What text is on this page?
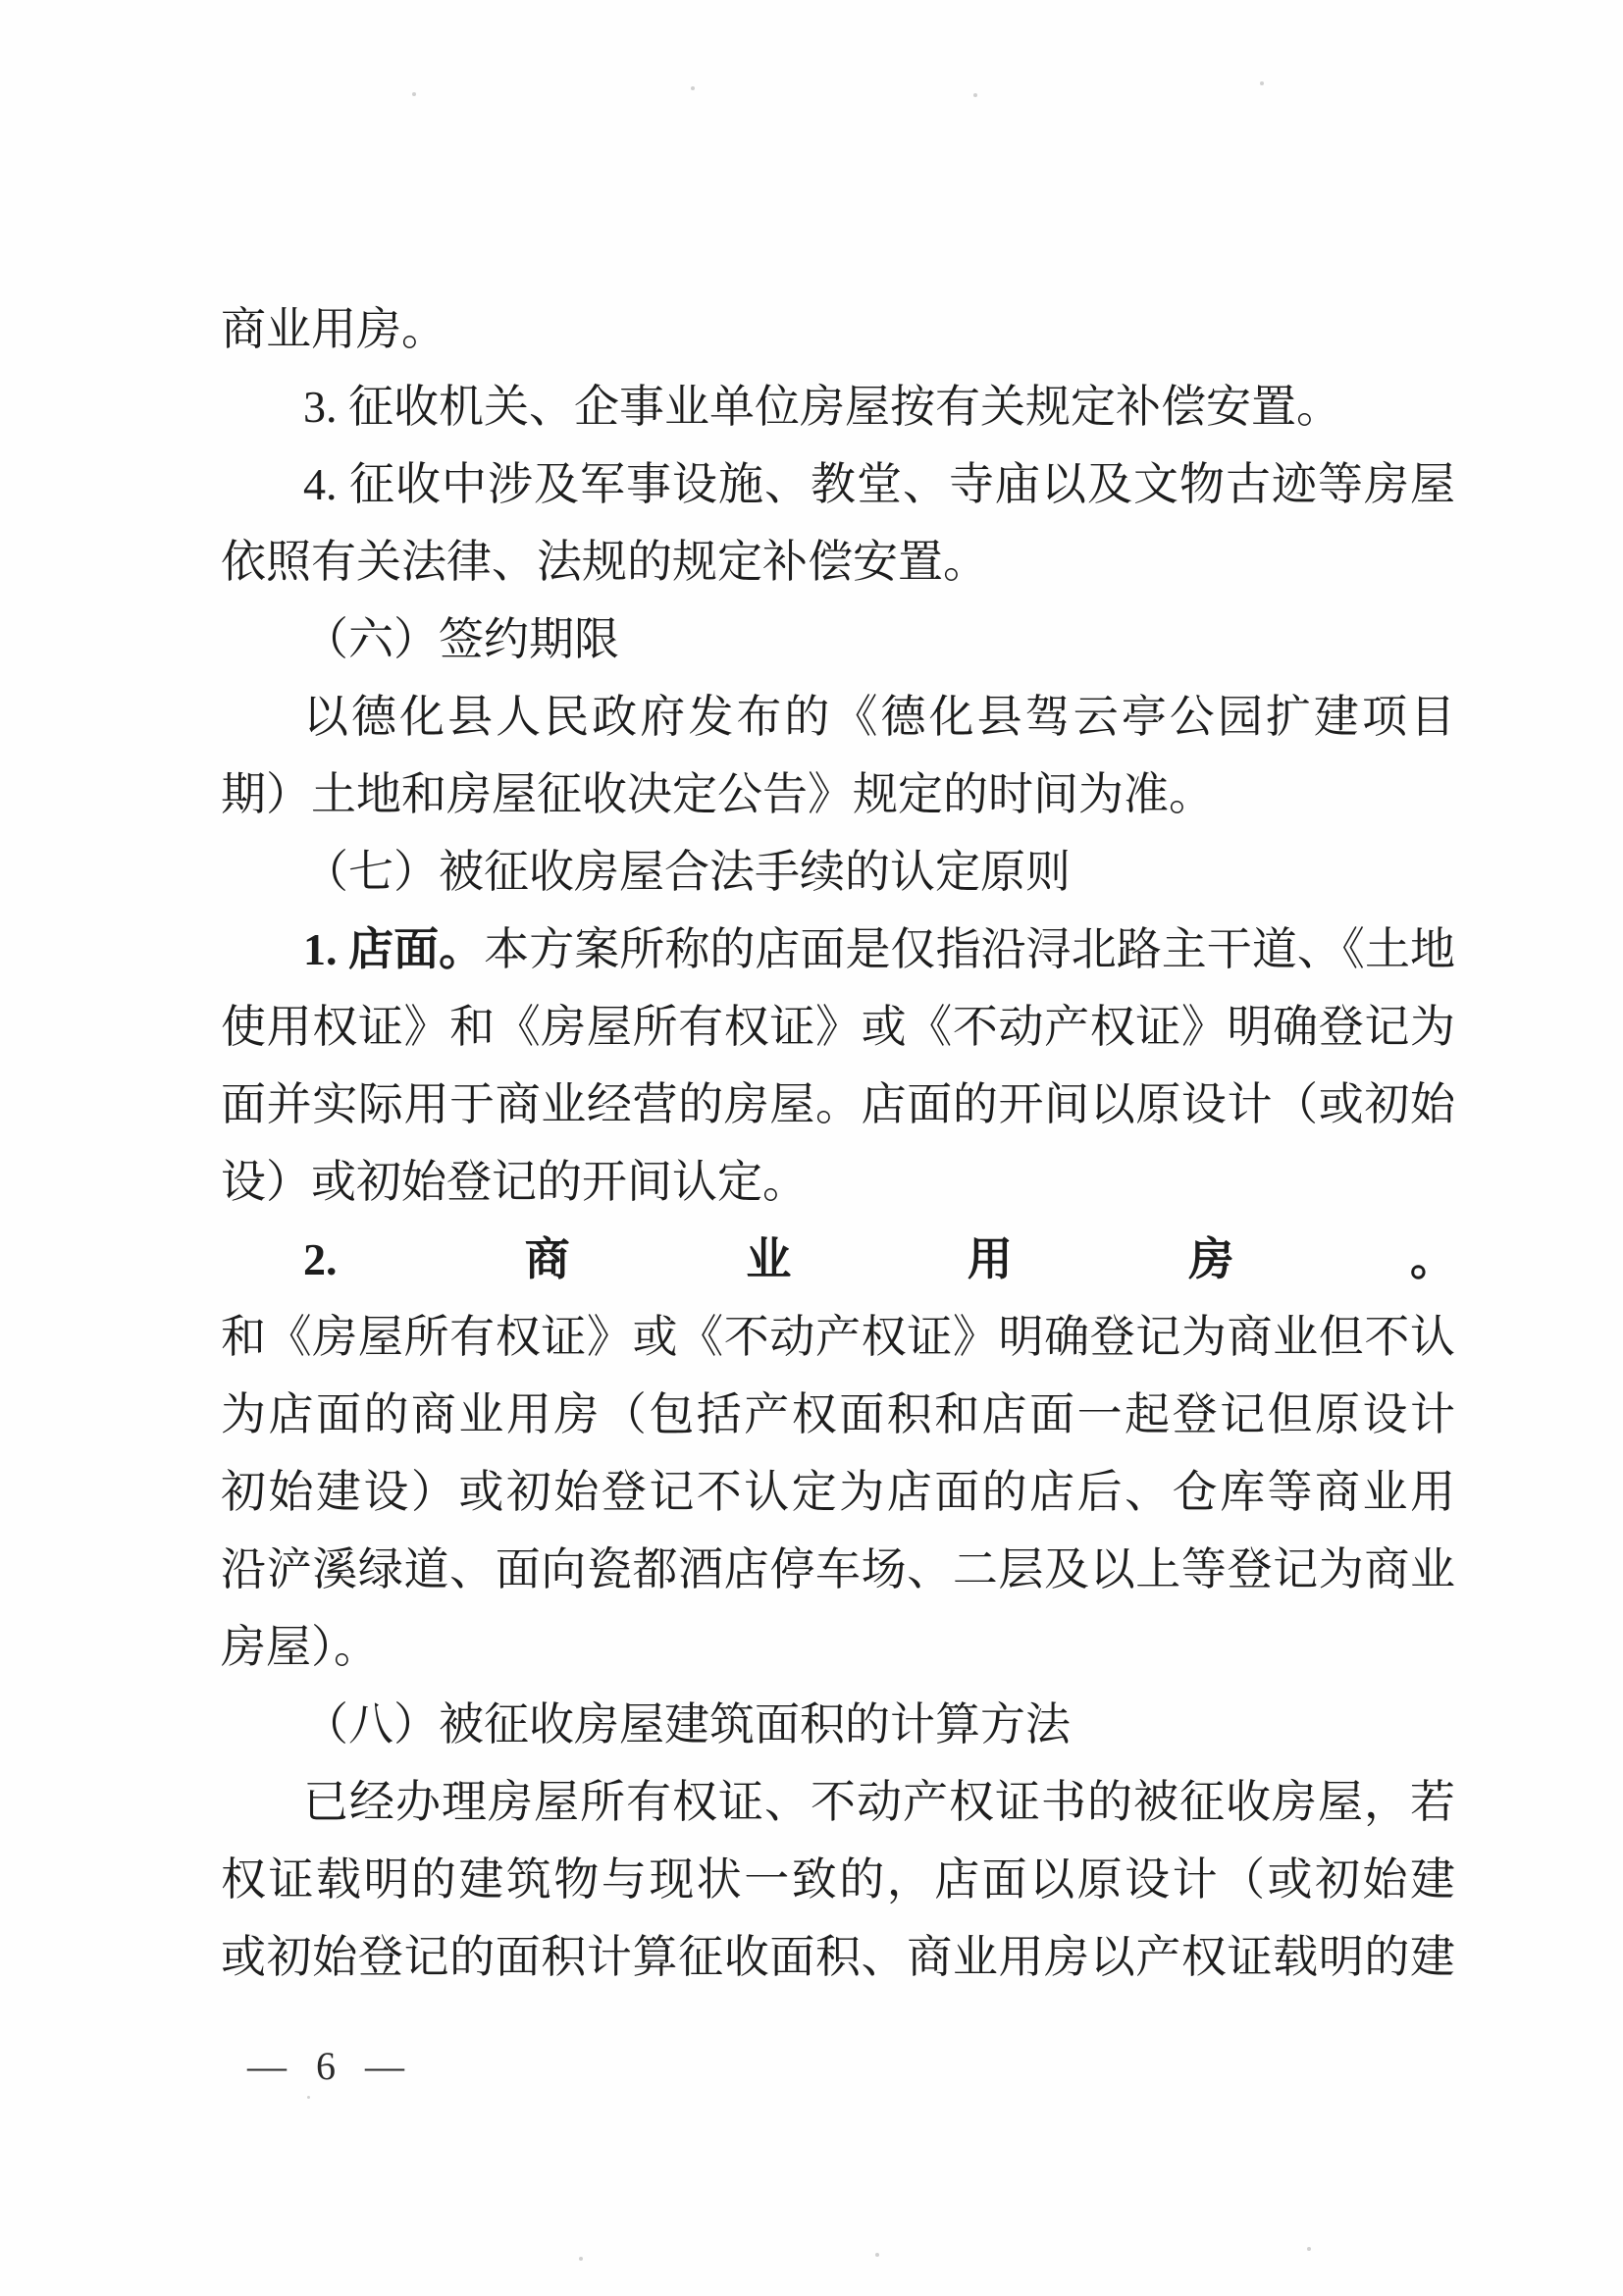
商业用房。
3. 征收机关、企事业单位房屋按有关规定补偿安置。
4. 征收中涉及军事设施、教堂、寺庙以及文物古迹等房屋
依照有关法律、法规的规定补偿安置。
（六）签约期限
以德化县人民政府发布的《德化县驾云亭公园扩建项目
期）土地和房屋征收决定公告》规定的时间为准。
（七）被征收房屋合法手续的认定原则
1. 店面。本方案所称的店面是仅指沿浔北路主干道、《土地
使用权证》和《房屋所有权证》或《不动产权证》明确登记为
面并实际用于商业经营的房屋。店面的开间以原设计（或初始
设）或初始登记的开间认定。
2. 商业用房。
和《房屋所有权证》或《不动产权证》明确登记为商业但不认
为店面的商业用房（包括产权面积和店面一起登记但原设计
初始建设）或初始登记不认定为店面的店后、仓库等商业用
沿浐溪绿道、面向瓷都酒店停车场、二层及以上等登记为商业
房屋）。
（八）被征收房屋建筑面积的计算方法
已经办理房屋所有权证、不动产权证书的被征收房屋，若
权证载明的建筑物与现状一致的，店面以原设计（或初始建
或初始登记的面积计算征收面积、商业用房以产权证载明的建
— 6 —
